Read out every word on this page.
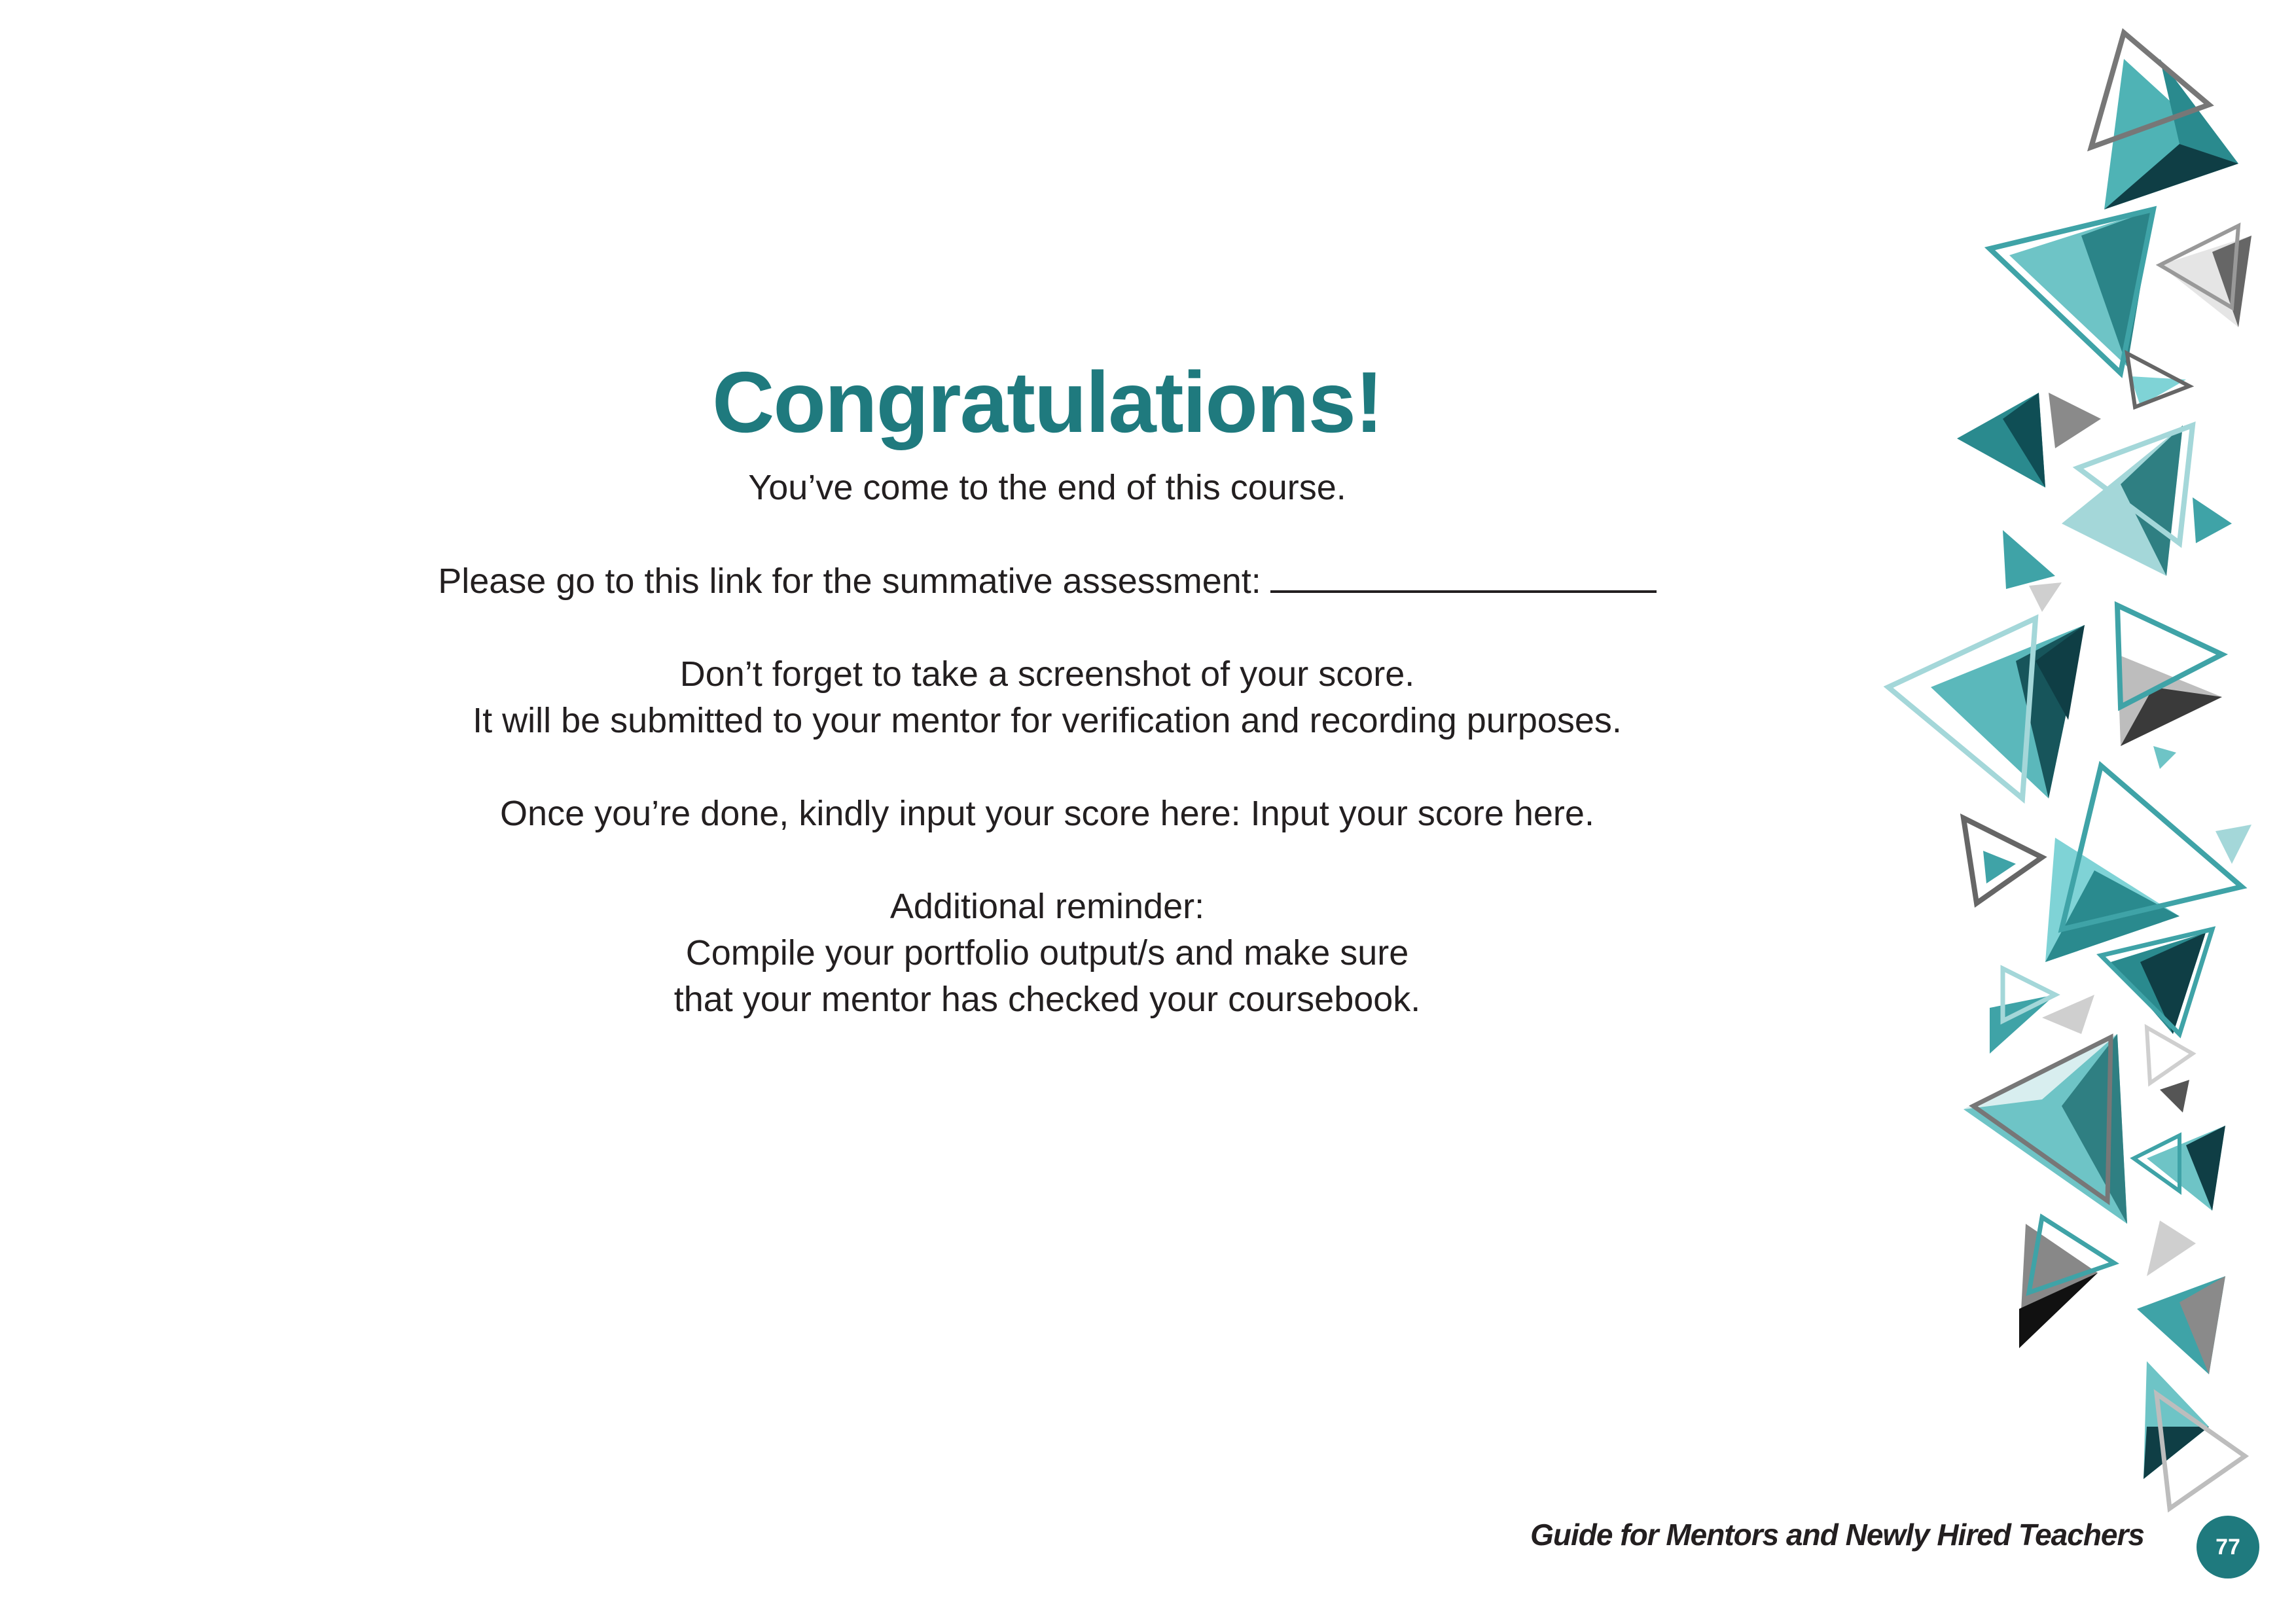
Congratulations!

You’ve come to the end of this course.

Please go to this link for the summative assessment:

Don’t forget to take a screenshot of your score.

It will be submitted to your mentor for verification and recording purposes.

Once you’re done, kindly input your score here: Input your score here.

Additional reminder:

Compile your portfolio output/s and make sure

that your mentor has checked your coursebook.

Guide for Mentors and Newly Hired Teachers	77
